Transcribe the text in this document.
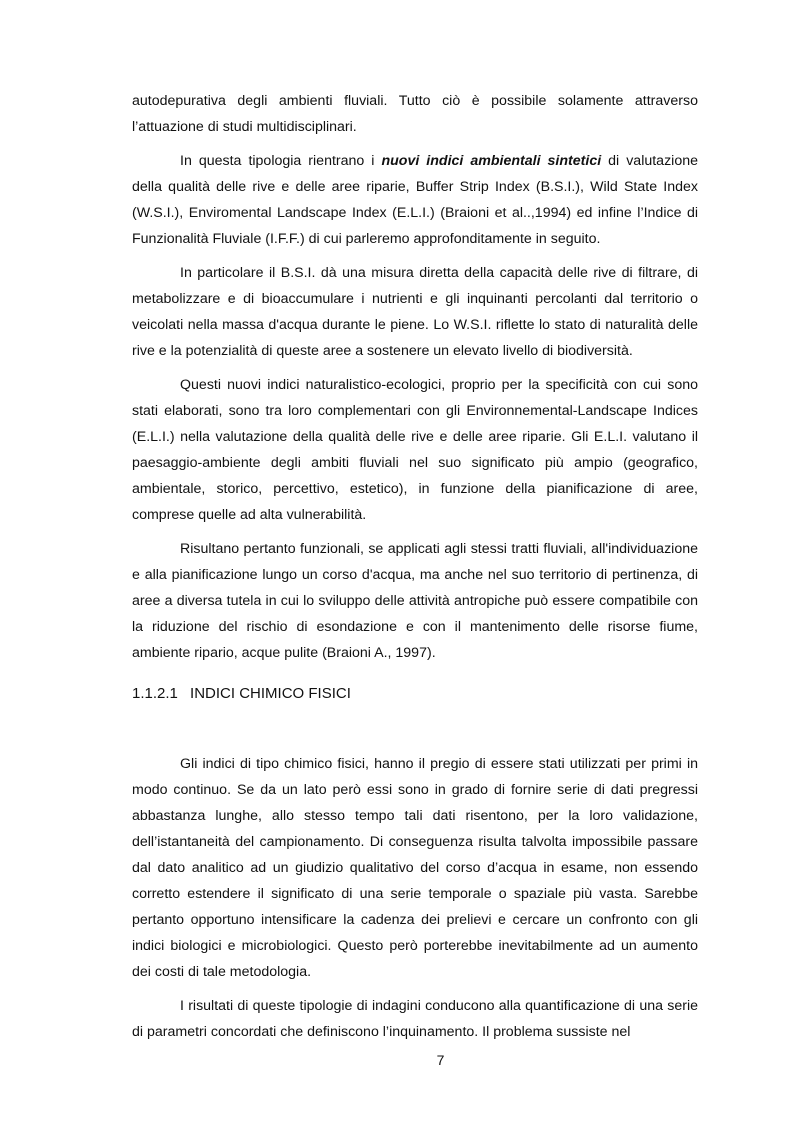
autodepurativa degli ambienti fluviali. Tutto ciò è possibile solamente attraverso l’attuazione di studi multidisciplinari.

In questa tipologia rientrano i nuovi indici ambientali sintetici di valutazione della qualità delle rive e delle aree riparie, Buffer Strip Index (B.S.I.), Wild State Index (W.S.I.), Enviromental Landscape Index (E.L.I.) (Braioni et al..,1994) ed infine l’Indice di Funzionalità Fluviale (I.F.F.) di cui parleremo approfonditamente in seguito.

In particolare il B.S.I. dà una misura diretta della capacità delle rive di filtrare, di metabolizzare e di bioaccumulare i nutrienti e gli inquinanti percolanti dal territorio o veicolati nella massa d'acqua durante le piene. Lo W.S.I. riflette lo stato di naturalità delle rive e la potenzialità di queste aree a sostenere un elevato livello di biodiversità.

Questi nuovi indici naturalistico-ecologici, proprio per la specificità con cui sono stati elaborati, sono tra loro complementari con gli Environnemental-Landscape Indices (E.L.I.) nella valutazione della qualità delle rive e delle aree riparie. Gli E.L.I. valutano il paesaggio-ambiente degli ambiti fluviali nel suo significato più ampio (geografico, ambientale, storico, percettivo, estetico), in funzione della pianificazione di aree, comprese quelle ad alta vulnerabilità.

Risultano pertanto funzionali, se applicati agli stessi tratti fluviali, all'individuazione e alla pianificazione lungo un corso d'acqua, ma anche nel suo territorio di pertinenza, di aree a diversa tutela in cui lo sviluppo delle attività antropiche può essere compatibile con la riduzione del rischio di esondazione e con il mantenimento delle risorse fiume, ambiente ripario, acque pulite (Braioni A., 1997).

1.1.2.1 INDICI CHIMICO FISICI

Gli indici di tipo chimico fisici, hanno il pregio di essere stati utilizzati per primi in modo continuo. Se da un lato però essi sono in grado di fornire serie di dati pregressi abbastanza lunghe, allo stesso tempo tali dati risentono, per la loro validazione, dell’istantaneità del campionamento. Di conseguenza risulta talvolta impossibile passare dal dato analitico ad un giudizio qualitativo del corso d’acqua in esame, non essendo corretto estendere il significato di una serie temporale o spaziale più vasta. Sarebbe pertanto opportuno intensificare la cadenza dei prelievi e cercare un confronto con gli indici biologici e microbiologici. Questo però porterebbe inevitabilmente ad un aumento dei costi di tale metodologia.

I risultati di queste tipologie di indagini conducono alla quantificazione di una serie di parametri concordati che definiscono l’inquinamento. Il problema sussiste nel

7
